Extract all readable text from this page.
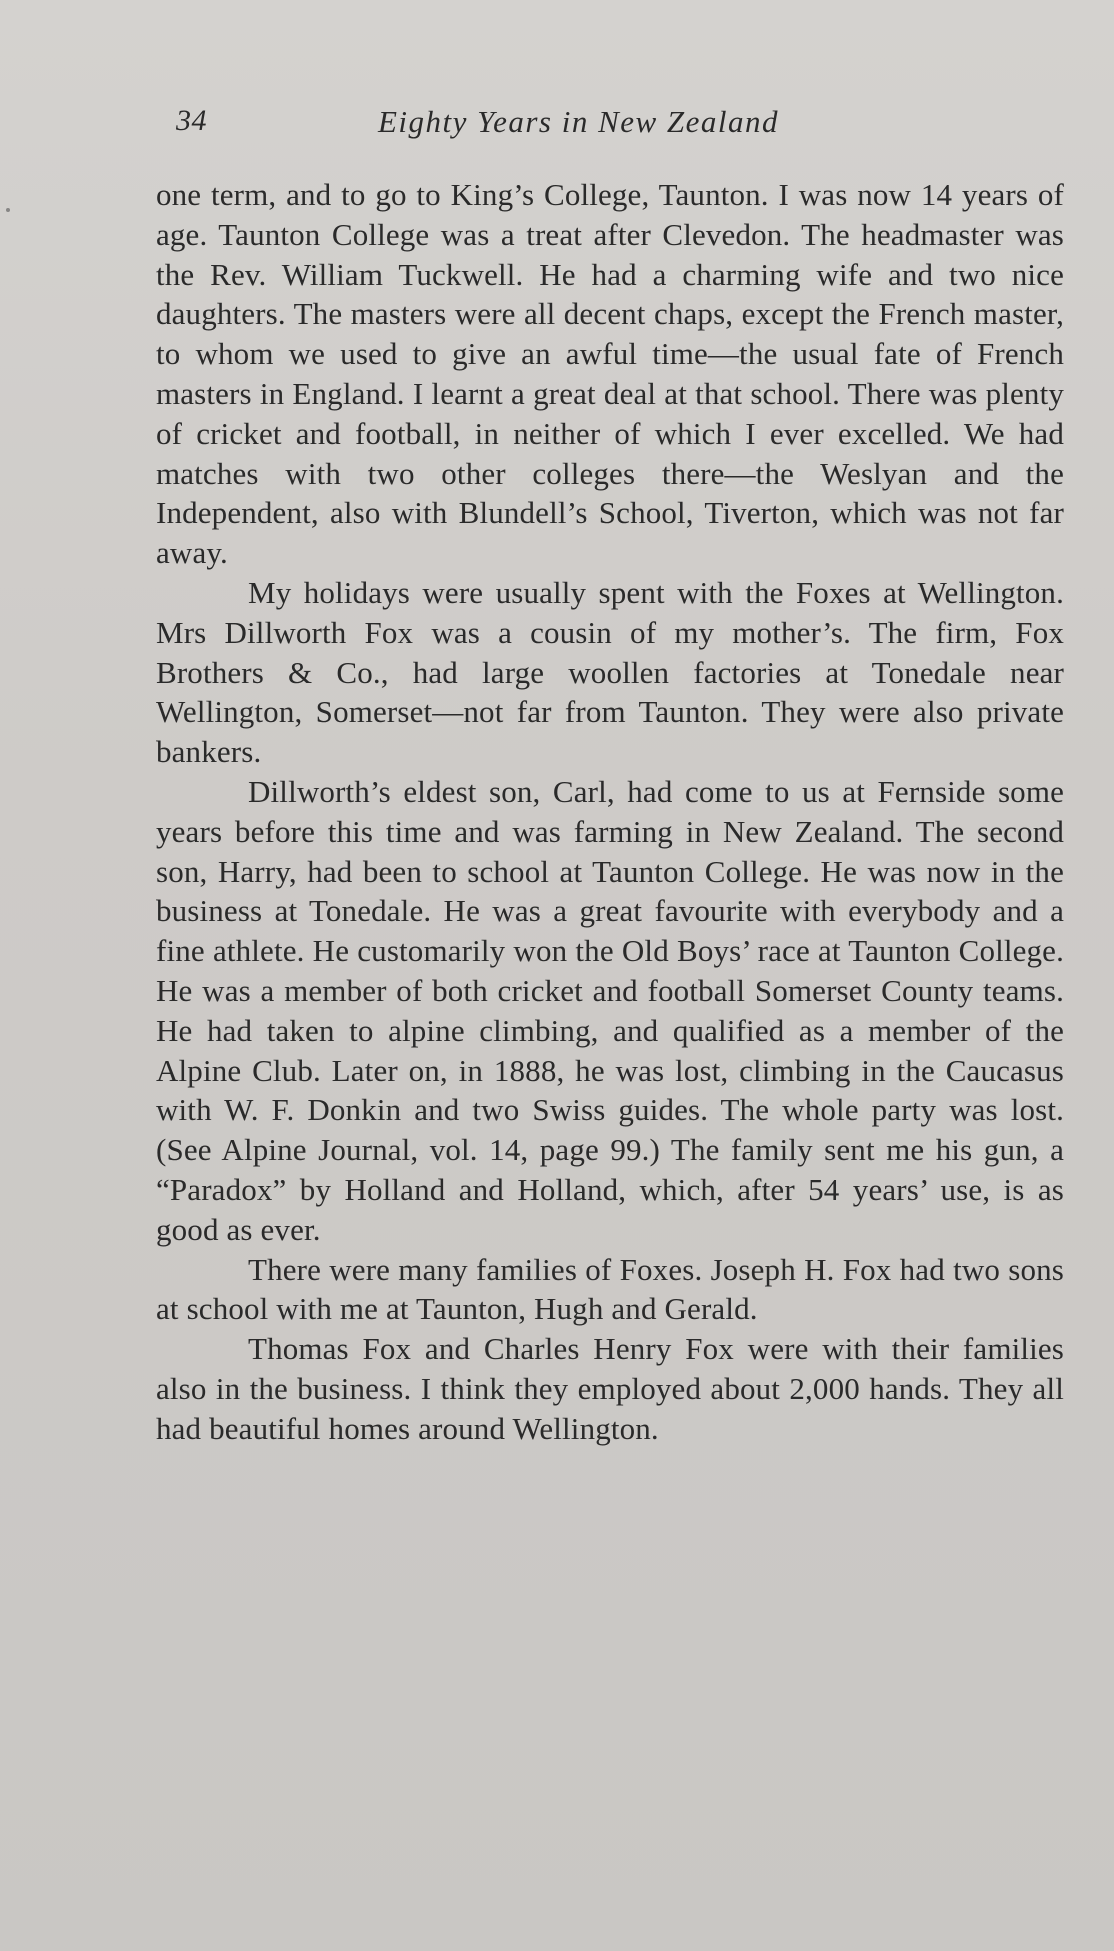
34	Eighty Years in New Zealand

one term, and to go to King’s College, Taunton. I was now 14 years of age. Taunton College was a treat after Clevedon. The headmaster was the Rev. William Tuckwell. He had a charming wife and two nice daughters. The masters were all decent chaps, except the French master, to whom we used to give an awful time—the usual fate of French masters in England. I learnt a great deal at that school. There was plenty of cricket and football, in neither of which I ever excelled. We had matches with two other colleges there—the Weslyan and the Independent, also with Blundell’s School, Tiverton, which was not far away.

My holidays were usually spent with the Foxes at Wellington. Mrs Dillworth Fox was a cousin of my mother’s. The firm, Fox Brothers & Co., had large woollen factories at Tonedale near Wellington, Somerset—not far from Taunton. They were also private bankers.

Dillworth’s eldest son, Carl, had come to us at Fernside some years before this time and was farming in New Zealand. The second son, Harry, had been to school at Taunton College. He was now in the business at Tonedale. He was a great favourite with everybody and a fine athlete. He customarily won the Old Boys’ race at Taunton College. He was a member of both cricket and football Somerset County teams. He had taken to alpine climbing, and qualified as a member of the Alpine Club. Later on, in 1888, he was lost, climbing in the Caucasus with W. F. Donkin and two Swiss guides. The whole party was lost. (See Alpine Journal, vol. 14, page 99.) The family sent me his gun, a “Paradox” by Holland and Holland, which, after 54 years’ use, is as good as ever.

There were many families of Foxes. Joseph H. Fox had two sons at school with me at Taunton, Hugh and Gerald.

Thomas Fox and Charles Henry Fox were with their families also in the business. I think they employed about 2,000 hands. They all had beautiful homes around Wellington.
